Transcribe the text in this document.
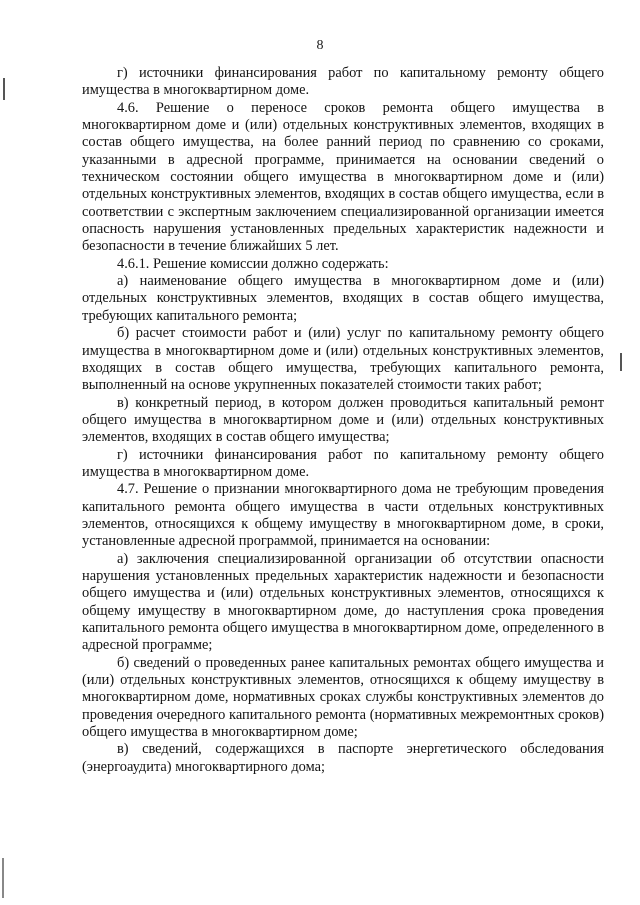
8

г) источники финансирования работ по капитальному ремонту общего имущества в многоквартирном доме.

4.6. Решение о переносе сроков ремонта общего имущества в многоквартирном доме и (или) отдельных конструктивных элементов, входящих в состав общего имущества, на более ранний период по сравнению со сроками, указанными в адресной программе, принимается на основании сведений о техническом состоянии общего имущества в многоквартирном доме и (или) отдельных конструктивных элементов, входящих в состав общего имущества, если в соответствии с экспертным заключением специализированной организации имеется опасность нарушения установленных предельных характеристик надежности и безопасности в течение ближайших 5 лет.

4.6.1. Решение комиссии должно содержать:

а) наименование общего имущества в многоквартирном доме и (или) отдельных конструктивных элементов, входящих в состав общего имущества, требующих капитального ремонта;

б) расчет стоимости работ и (или) услуг по капитальному ремонту общего имущества в многоквартирном доме и (или) отдельных конструктивных элементов, входящих в состав общего имущества, требующих капитального ремонта, выполненный на основе укрупненных показателей стоимости таких работ;

в) конкретный период, в котором должен проводиться капитальный ремонт общего имущества в многоквартирном доме и (или) отдельных конструктивных элементов, входящих в состав общего имущества;

г) источники финансирования работ по капитальному ремонту общего имущества в многоквартирном доме.

4.7. Решение о признании многоквартирного дома не требующим проведения капитального ремонта общего имущества в части отдельных конструктивных элементов, относящихся к общему имуществу в многоквартирном доме, в сроки, установленные адресной программой, принимается на основании:

а) заключения специализированной организации об отсутствии опасности нарушения установленных предельных характеристик надежности и безопасности общего имущества и (или) отдельных конструктивных элементов, относящихся к общему имуществу в многоквартирном доме, до наступления срока проведения капитального ремонта общего имущества в многоквартирном доме, определенного в адресной программе;

б) сведений о проведенных ранее капитальных ремонтах общего имущества и (или) отдельных конструктивных элементов, относящихся к общему имуществу в многоквартирном доме, нормативных сроках службы конструктивных элементов до проведения очередного капитального ремонта (нормативных межремонтных сроков) общего имущества в многоквартирном доме;

в) сведений, содержащихся в паспорте энергетического обследования (энергоаудита) многоквартирного дома;
